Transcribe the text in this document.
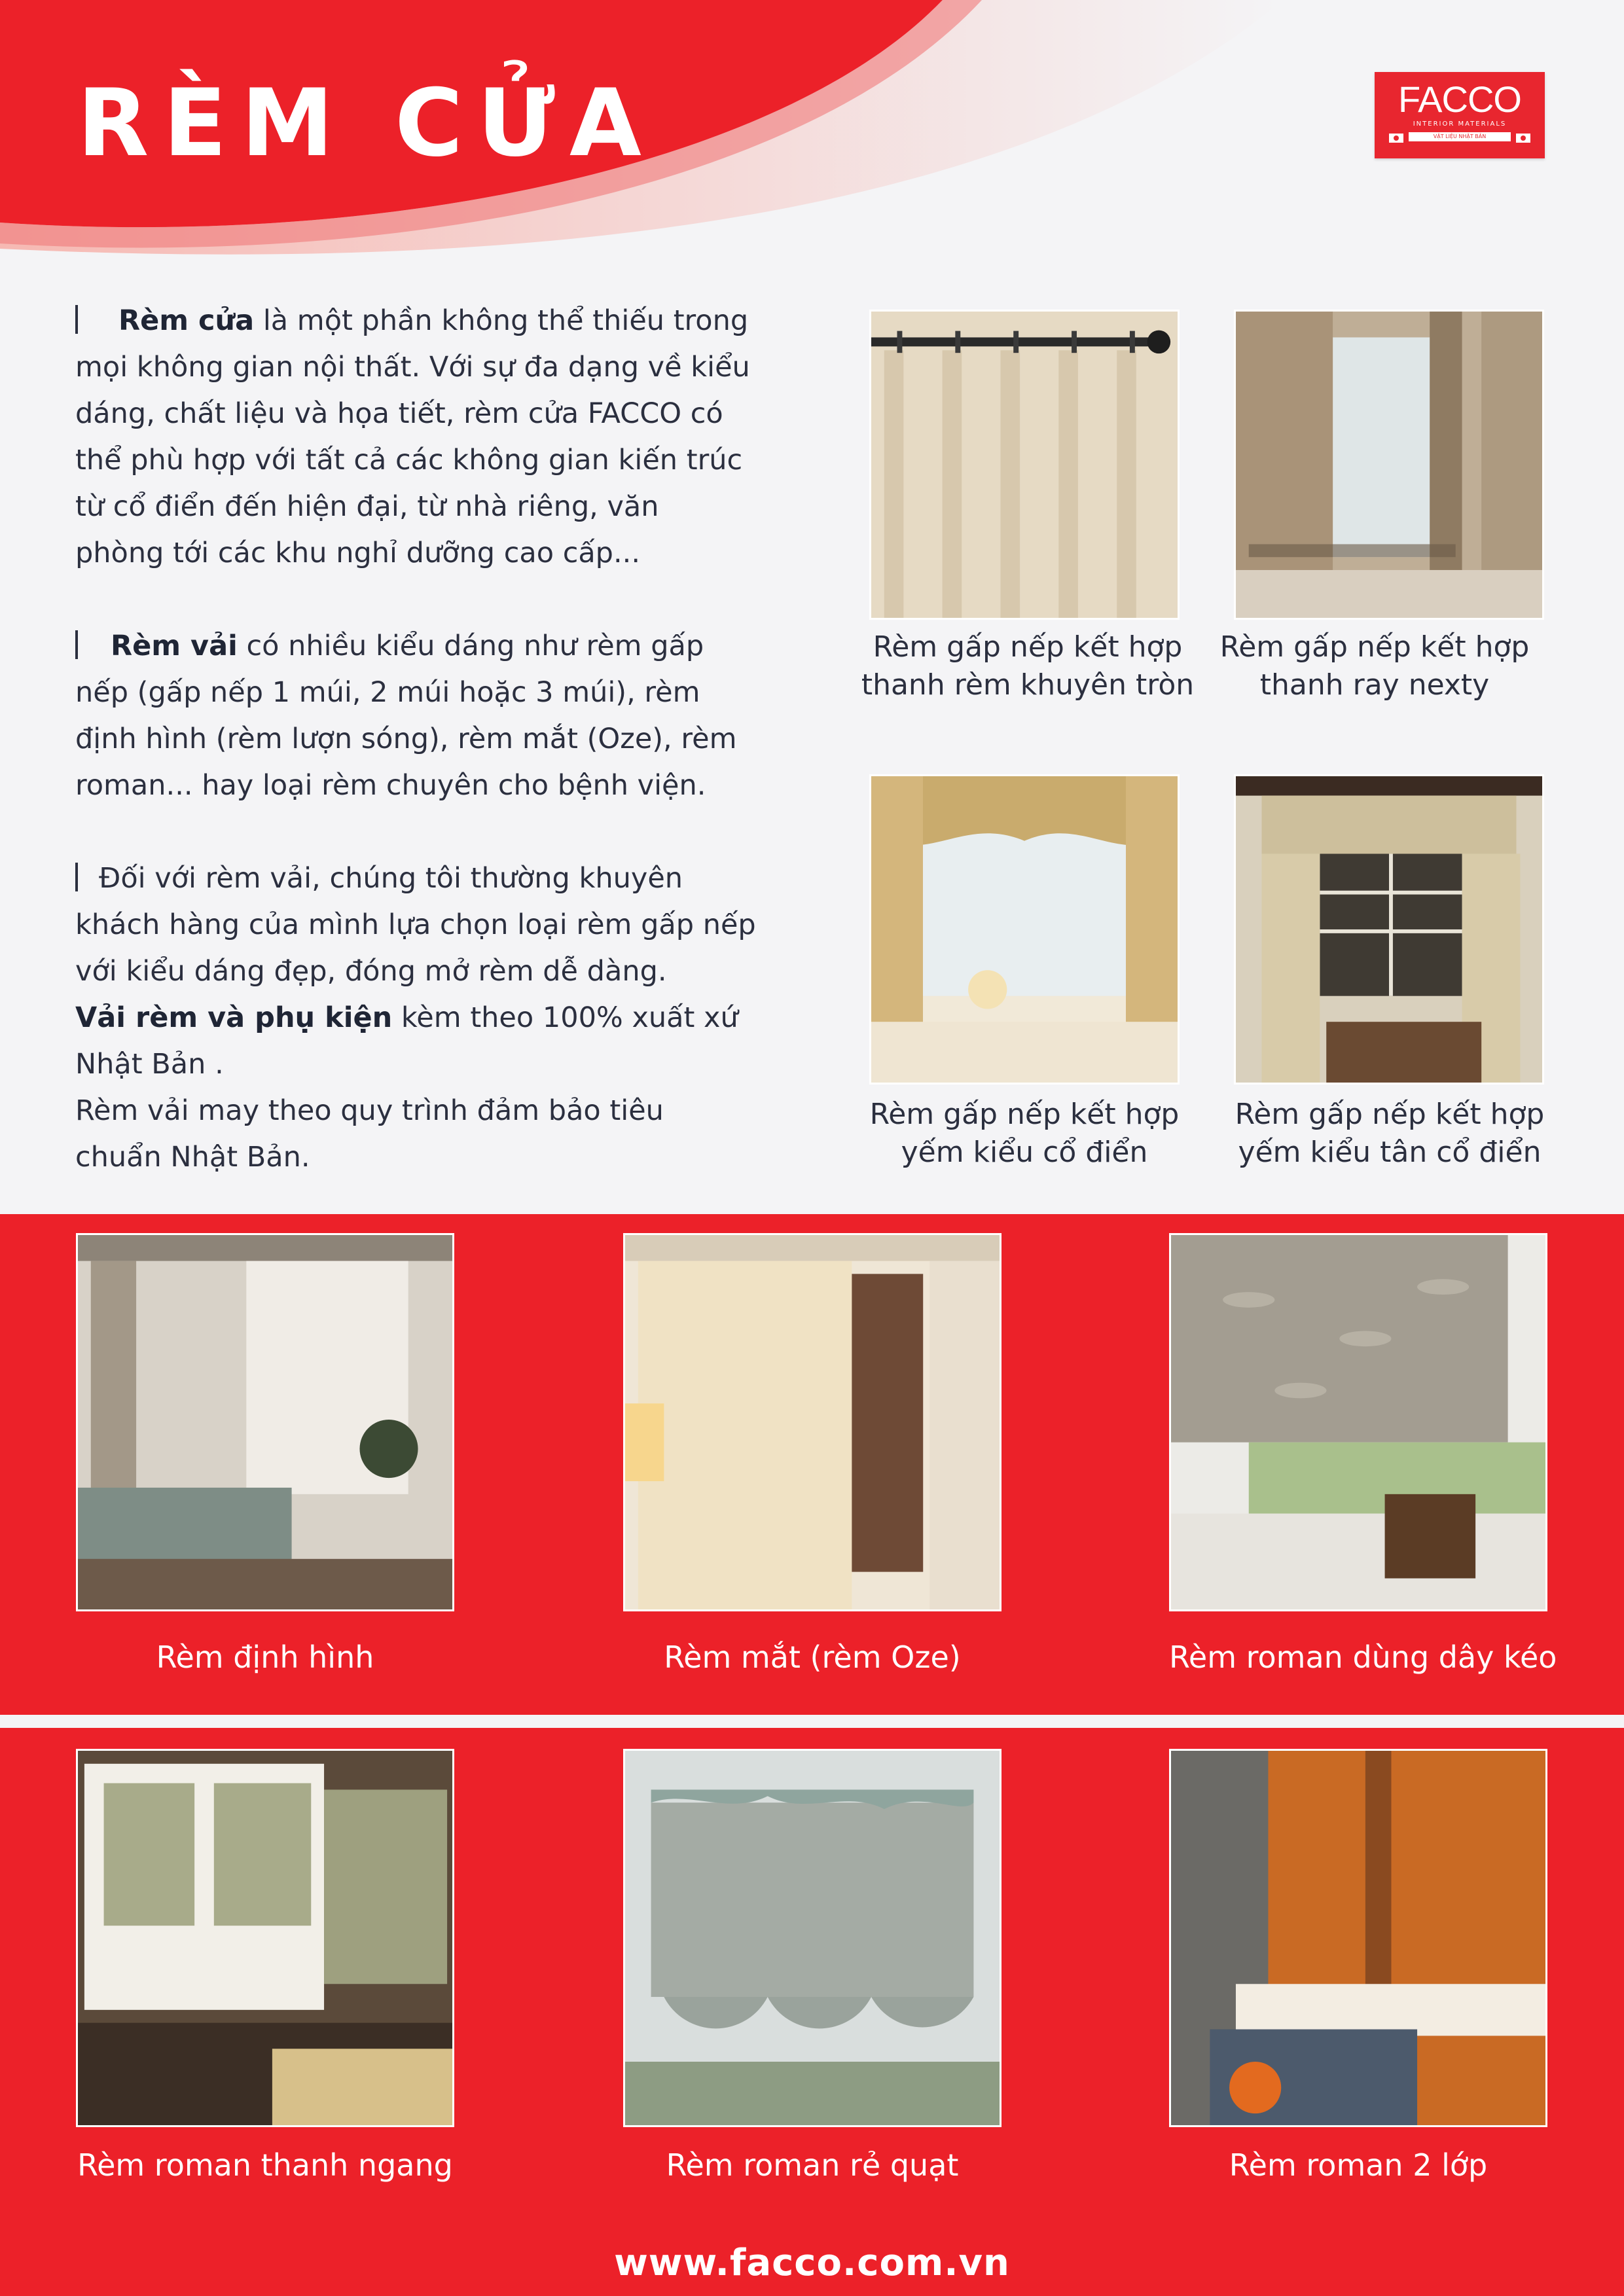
RÈM CỬA	FACCO
INTERIOR MATERIALS
VẬT LIỆU NHẬT BẢN

Rèm cửa là một phần không thể thiếu trong mọi không gian nội thất. Với sự đa dạng về kiểu dáng, chất liệu và họa tiết, rèm cửa FACCO có thể phù hợp với tất cả các không gian kiến trúc từ cổ điển đến hiện đại, từ nhà riêng, văn phòng tới các khu nghỉ dưỡng cao cấp...

Rèm vải có nhiều kiểu dáng như rèm gấp nếp (gấp nếp 1 múi, 2 múi hoặc 3 múi), rèm định hình (rèm lượn sóng), rèm mắt (Oze), rèm roman... hay loại rèm chuyên cho bệnh viện.

Đối với rèm vải, chúng tôi thường khuyên khách hàng của mình lựa chọn loại rèm gấp nếp với kiểu dáng đẹp, đóng mở rèm dễ dàng.

Vải rèm và phụ kiện kèm theo 100% xuất xứ Nhật Bản .

Rèm vải may theo quy trình đảm bảo tiêu chuẩn Nhật Bản.

Rèm gấp nếp kết hợp
thanh rèm khuyên tròn
Rèm gấp nếp kết hợp
thanh ray nexty
Rèm gấp nếp kết hợp
yếm kiểu cổ điển
Rèm gấp nếp kết hợp
yếm kiểu tân cổ điển
Rèm định hình	Rèm mắt (rèm Oze)	Rèm roman dùng dây kéo
Rèm roman thanh ngang	Rèm roman rẻ quạt	Rèm roman 2 lớp
www.facco.com.vn
